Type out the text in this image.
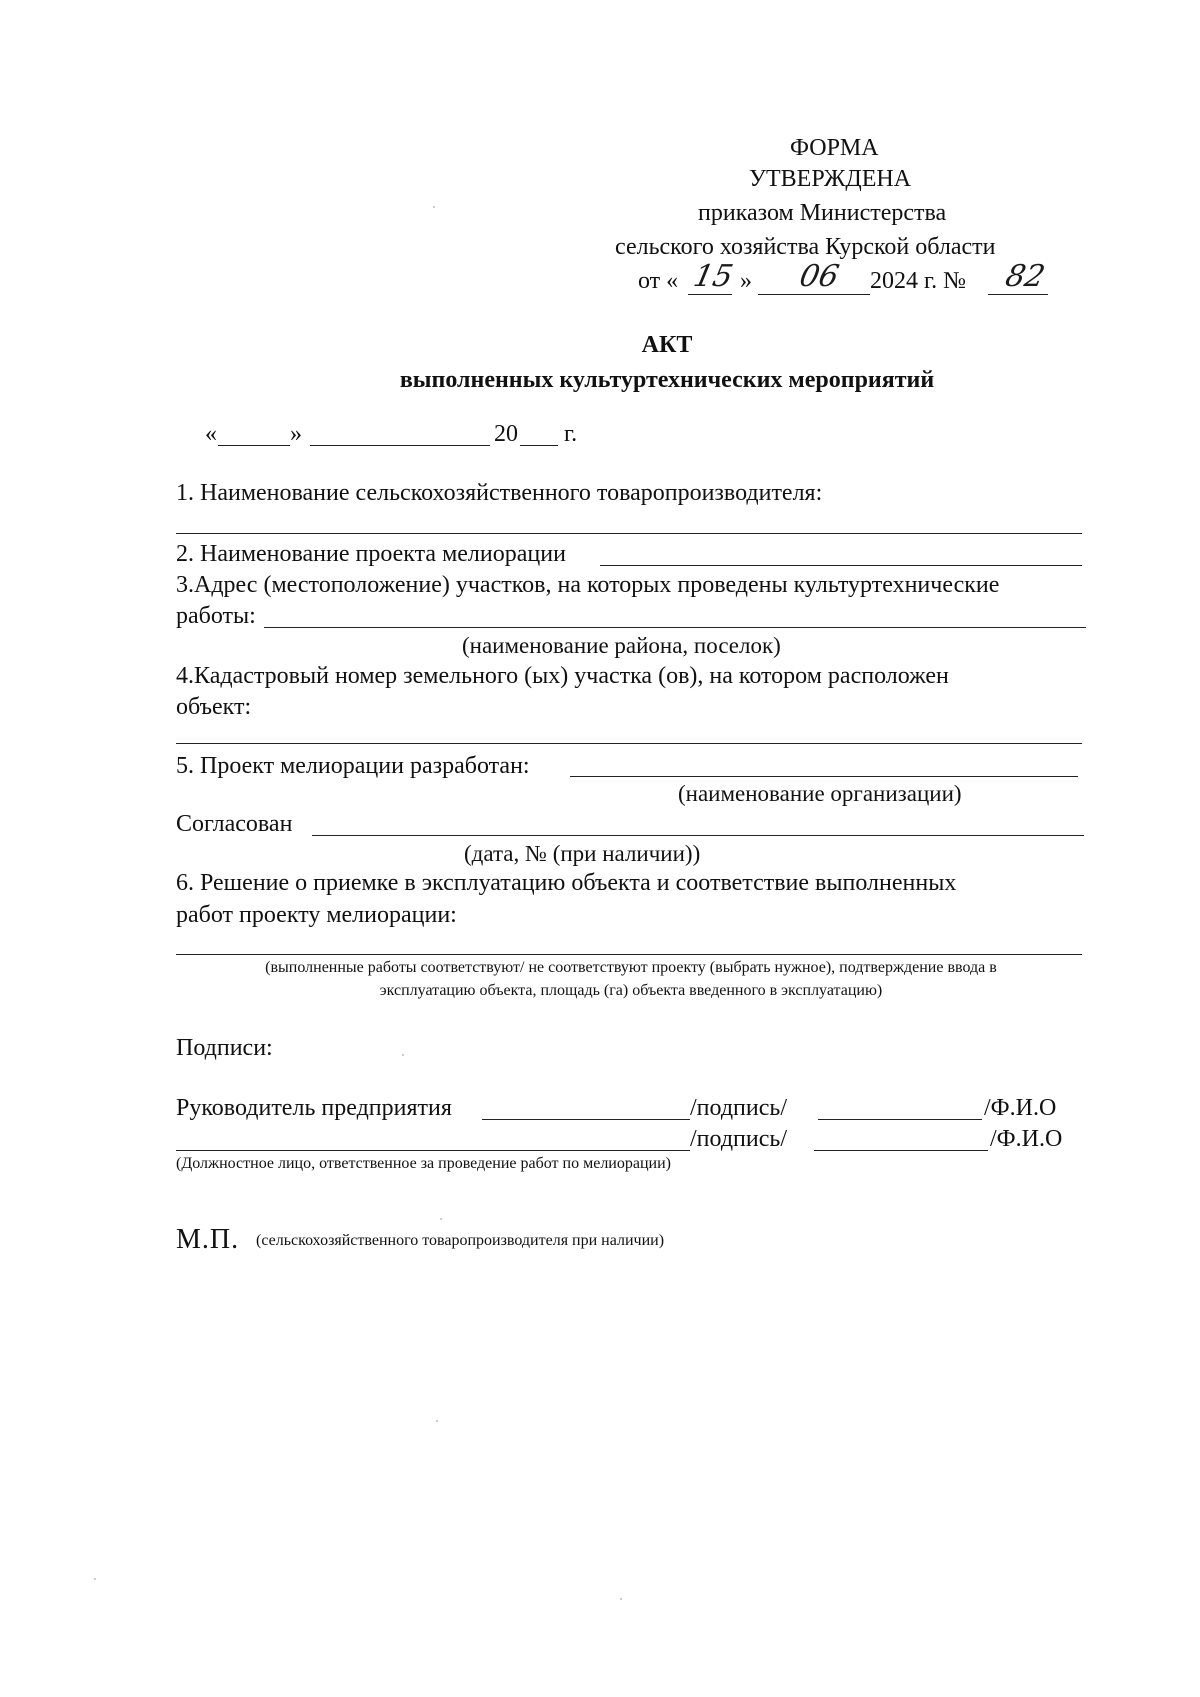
ФОРМА
УТВЕРЖДЕНА
приказом Министерства
сельского хозяйства Курской области
от « 15 » 06 2024 г. № 82
АКТ
выполненных культуртехнических мероприятий
«	»	20 г.
1. Наименование сельскохозяйственного товаропроизводителя:
2. Наименование проекта мелиорации
3.Адрес (местоположение) участков, на которых проведены культуртехнические
работы:
(наименование района, поселок)
4.Кадастровый номер земельного (ых) участка (ов), на котором расположен
объект:
5. Проект мелиорации разработан:
(наименование организации)
Согласован
(дата, № (при наличии))
6. Решение о приемке в эксплуатацию объекта и соответствие выполненных
работ проекту мелиорации:
(выполненные работы соответствуют/ не соответствуют проекту (выбрать нужное), подтверждение ввода в
эксплуатацию объекта, площадь (га) объекта введенного в эксплуатацию)
Подписи:
Руководитель предприятия	/подпись/	/Ф.И.О
/подпись/	/Ф.И.О
(Должностное лицо, ответственное за проведение работ по мелиорации)
М.П. (сельскохозяйственного товаропроизводителя при наличии)
